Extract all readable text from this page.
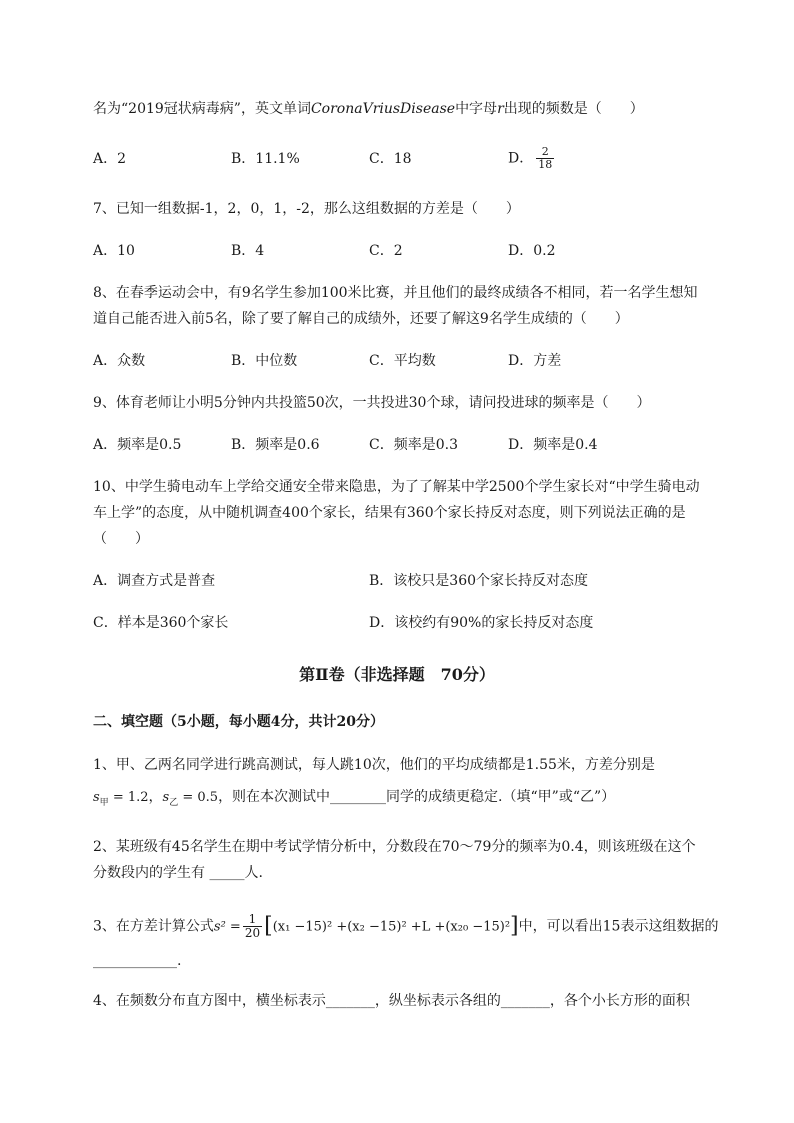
名为“2019冠状病毒病”，英文单词CoronaVriusDisease中字母r出现的频数是（　　）
A．2	B．11.1%	C．18	D． $\frac{2}{18}$
7、已知一组数据-1，2，0，1，-2，那么这组数据的方差是（　　）
A．10	B．4	C．2	D．0.2
8、在春季运动会中，有9名学生参加100米比赛，并且他们的最终成绩各不相同，若一名学生想知
道自己能否进入前5名，除了要了解自己的成绩外，还要了解这9名学生成绩的（　　）
A．众数	B．中位数	C．平均数	D．方差
9、体育老师让小明5分钟内共投篮50次，一共投进30个球，请问投进球的频率是（　　）
A．频率是0.5	B．频率是0.6	C．频率是0.3	D．频率是0.4
10、中学生骑电动车上学给交通安全带来隐患，为了了解某中学2500个学生家长对“中学生骑电动
车上学”的态度，从中随机调查400个家长，结果有360个家长持反对态度，则下列说法正确的是
（　　）
A．调查方式是普查	B．该校只是360个家长持反对态度
C．样本是360个家长	D．该校约有90%的家长持反对态度
第Ⅱ卷（非选择题　70分）
二、填空题（5小题，每小题4分，共计20分）
1、甲、乙两名同学进行跳高测试，每人跳10次，他们的平均成绩都是1.55米，方差分别是
$s_甲 = 1.2$，$s_乙 = 0.5$，则在本次测试中________同学的成绩更稳定.（填“甲”或“乙”）
2、某班级有45名学生在期中考试学情分析中，分数段在70～79分的频率为0.4，则该班级在这个
分数段内的学生有 _____人.
3、在方差计算公式$s^2 = \frac{1}{20} [(x_1 -15)^2 +(x_2 -15)^2 +L +(x_{20} -15)^2]$中，可以看出15表示这组数据的
____________.
4、在频数分布直方图中，横坐标表示_______，纵坐标表示各组的_______，各个小长方形的面积
